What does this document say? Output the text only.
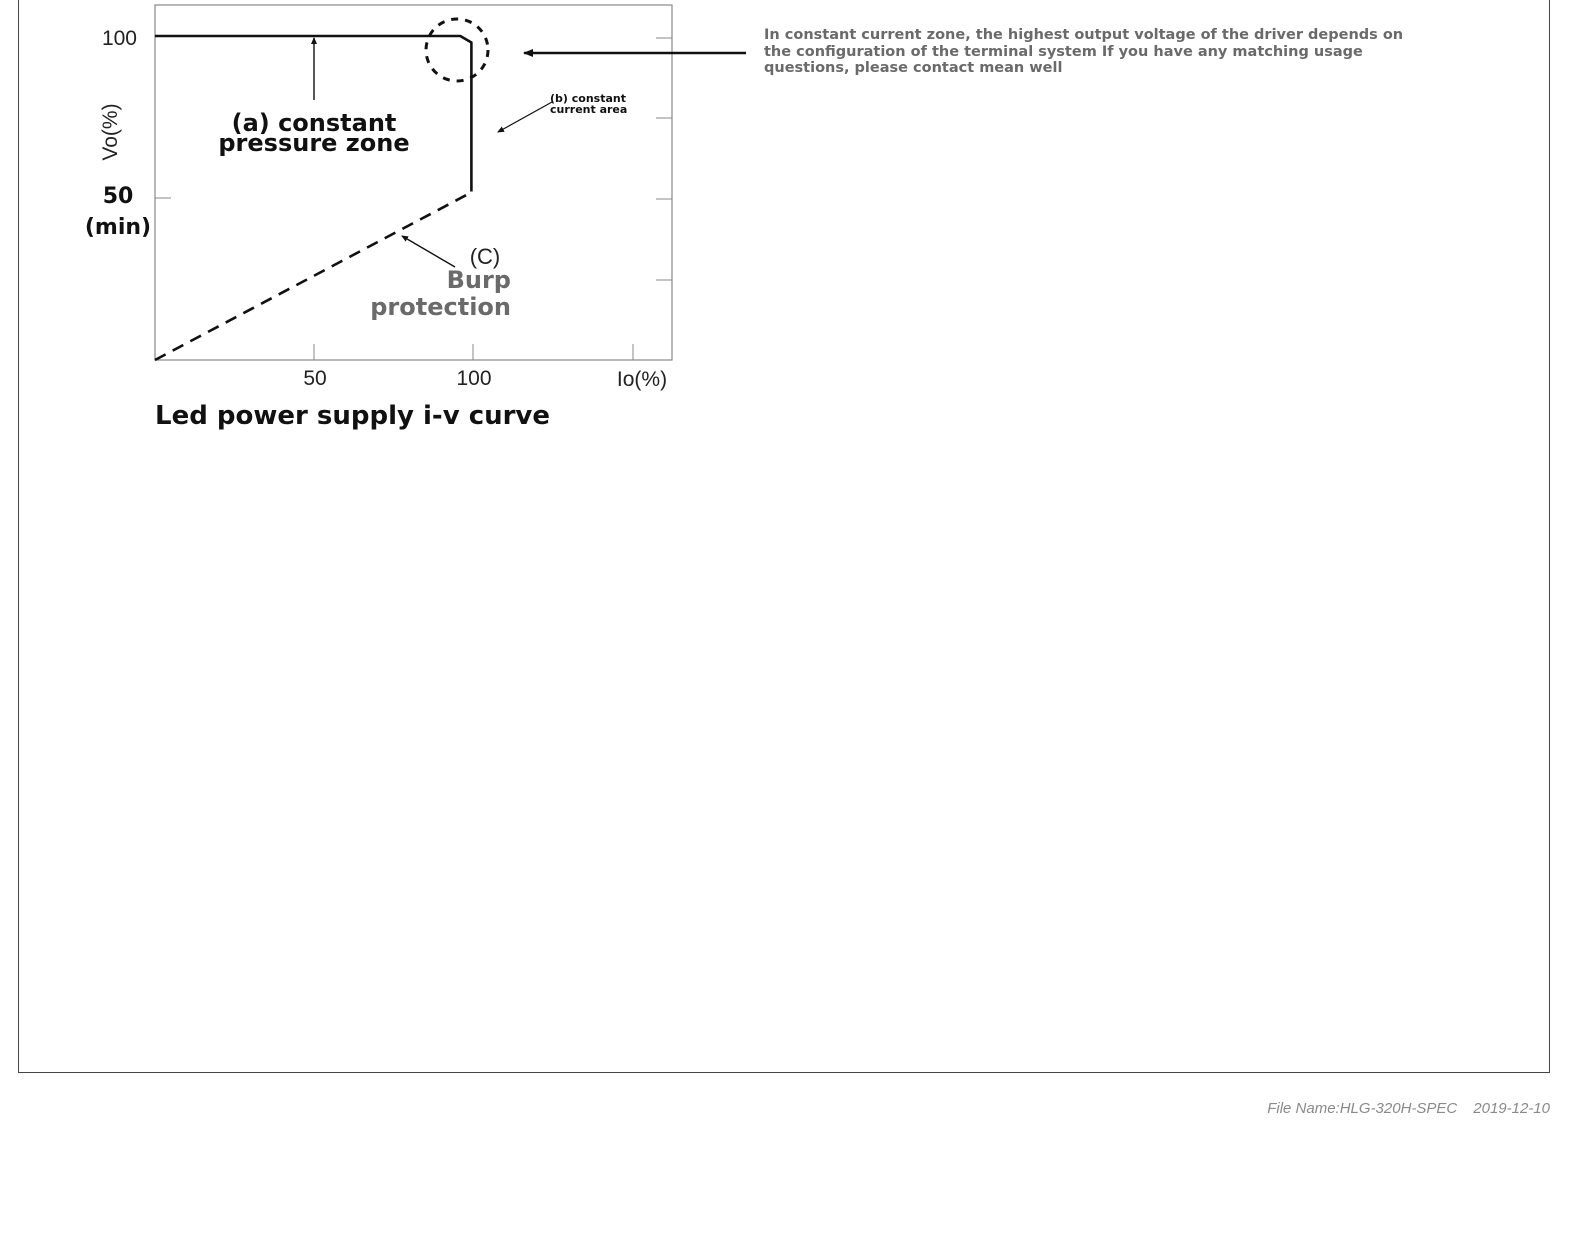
50	100
100
50
(min)
Io(%)
Vo(%)	(a) constant
pressure zone
(b) constant
current area
(C)
Burp
protection
Led power supply i-v curve
In constant current zone, the highest output voltage of the driver depends on the configuration of the terminal system If you have any matching usage questions, please contact mean well
File Name:HLG-320H-SPEC 2019-12-10
